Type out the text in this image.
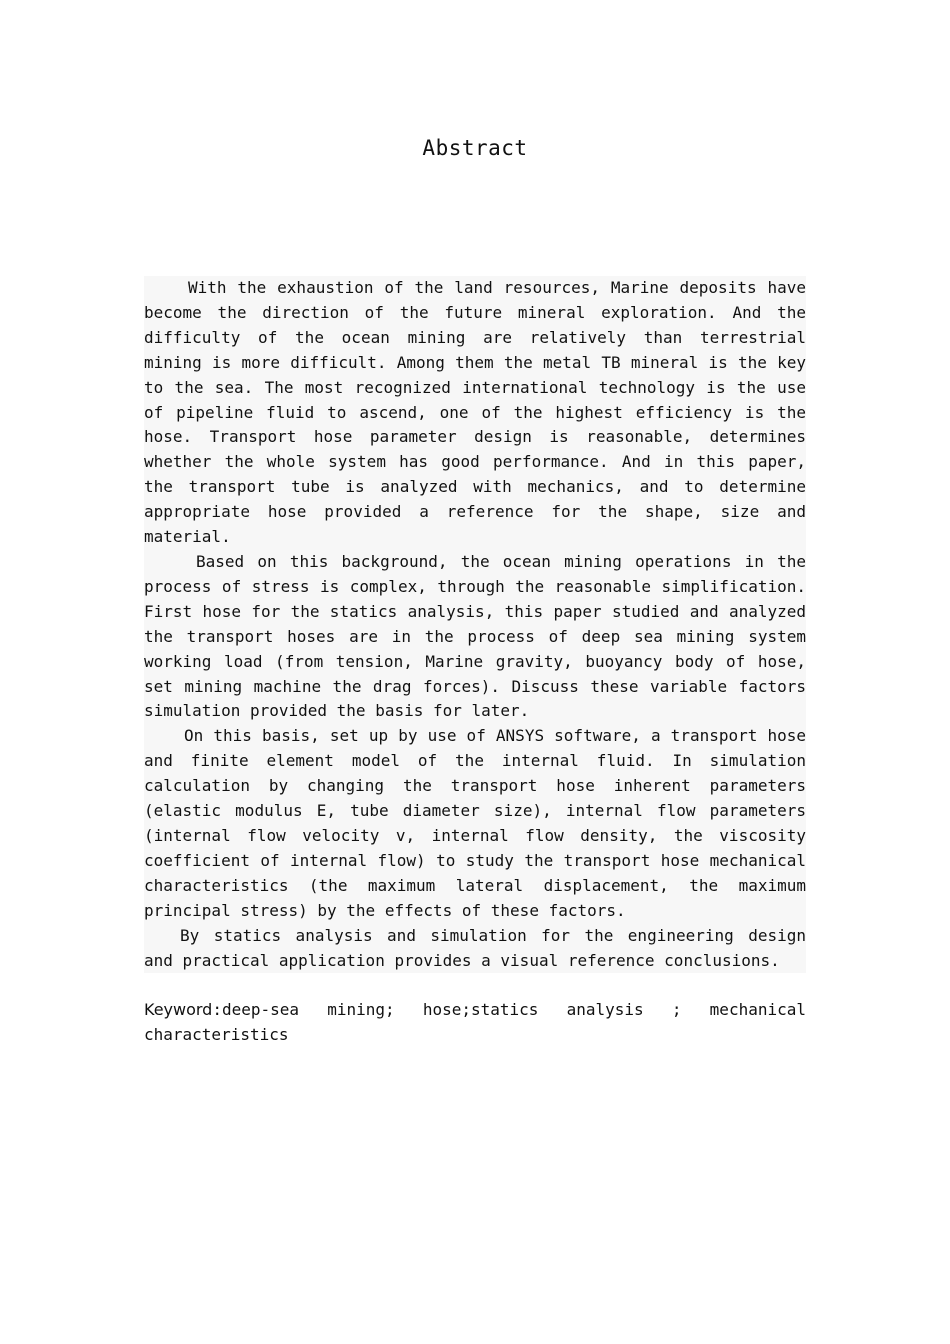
Abstract

With the exhaustion of the land resources, Marine deposits have become the direction of the future mineral exploration. And the difficulty of the ocean mining are relatively than terrestrial mining is more difficult. Among them the metal TB mineral is the key to the sea. The most recognized international technology is the use of pipeline fluid to ascend, one of the highest efficiency is the hose. Transport hose parameter design is reasonable, determines whether the whole system has good performance. And in this paper, the transport tube is analyzed with mechanics, and to determine appropriate hose provided a reference for the shape, size and material.

Based on this background, the ocean mining operations in the process of stress is complex, through the reasonable simplification. First hose for the statics analysis, this paper studied and analyzed the transport hoses are in the process of deep sea mining system working load (from tension, Marine gravity, buoyancy body of hose, set mining machine the drag forces). Discuss these variable factors simulation provided the basis for later.

On this basis, set up by use of ANSYS software, a transport hose and finite element model of the internal fluid. In simulation calculation by changing the transport hose inherent parameters (elastic modulus E, tube diameter size), internal flow parameters (internal flow velocity v, internal flow density, the viscosity coefficient of internal flow) to study the transport hose mechanical characteristics (the maximum lateral displacement, the maximum principal stress) by the effects of these factors.

By statics analysis and simulation for the engineering design and practical application provides a visual reference conclusions.

Keyword:deep-sea mining; hose;statics analysis ; mechanical characteristics
